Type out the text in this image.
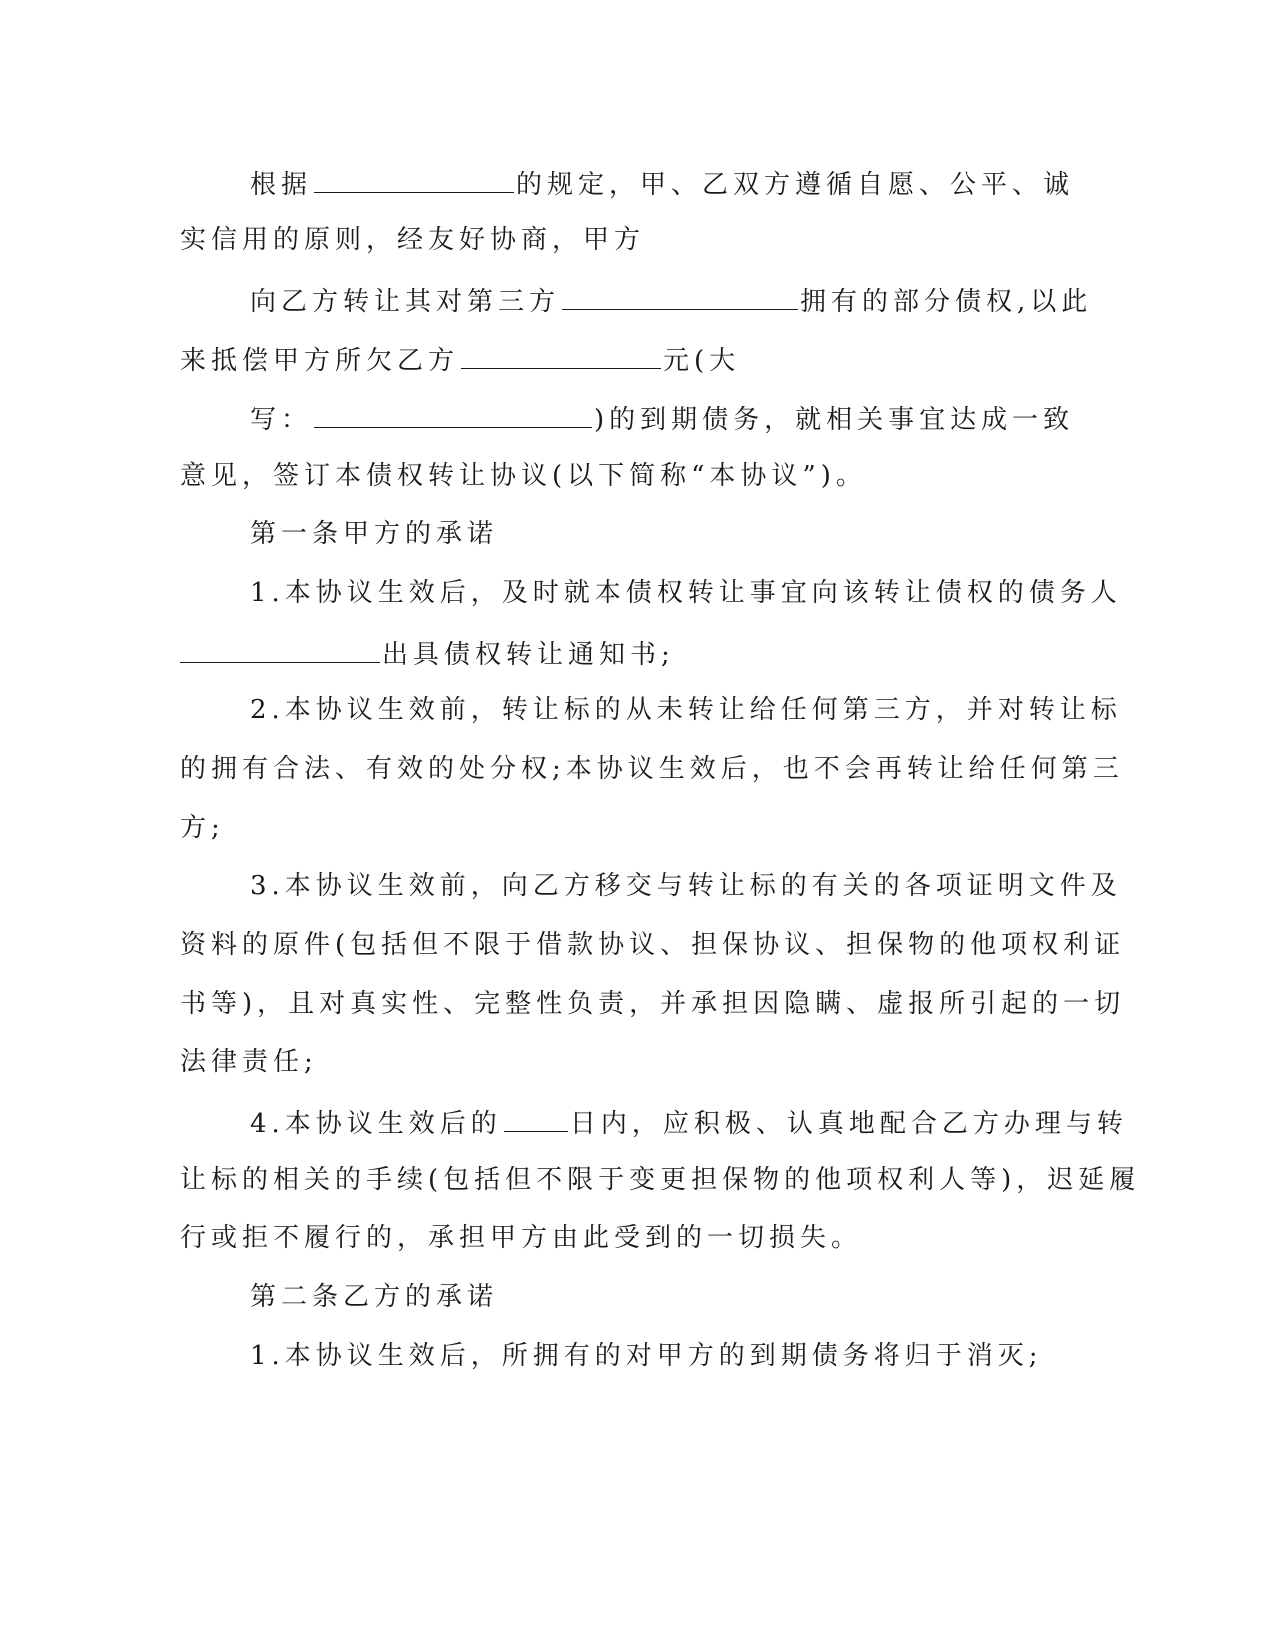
根据	的规定，甲、乙双方遵循自愿、公平、诚
实信用的原则，经友好协商，甲方
向乙方转让其对第三方	拥有的部分债权,以此
来抵偿甲方所欠乙方	元(大
写：	)的到期债务，就相关事宜达成一致
意见，签订本债权转让协议(以下简称“本协议”)。
第一条甲方的承诺
1.本协议生效后，及时就本债权转让事宜向该转让债权的债务人
出具债权转让通知书;
2.本协议生效前，转让标的从未转让给任何第三方，并对转让标
的拥有合法、有效的处分权;本协议生效后，也不会再转让给任何第三
方;
3.本协议生效前，向乙方移交与转让标的有关的各项证明文件及
资料的原件(包括但不限于借款协议、担保协议、担保物的他项权利证
书等)，且对真实性、完整性负责，并承担因隐瞒、虚报所引起的一切
法律责任;
4.本协议生效后的	日内，应积极、认真地配合乙方办理与转
让标的相关的手续(包括但不限于变更担保物的他项权利人等)，迟延履
行或拒不履行的，承担甲方由此受到的一切损失。
第二条乙方的承诺
1.本协议生效后，所拥有的对甲方的到期债务将归于消灭;
